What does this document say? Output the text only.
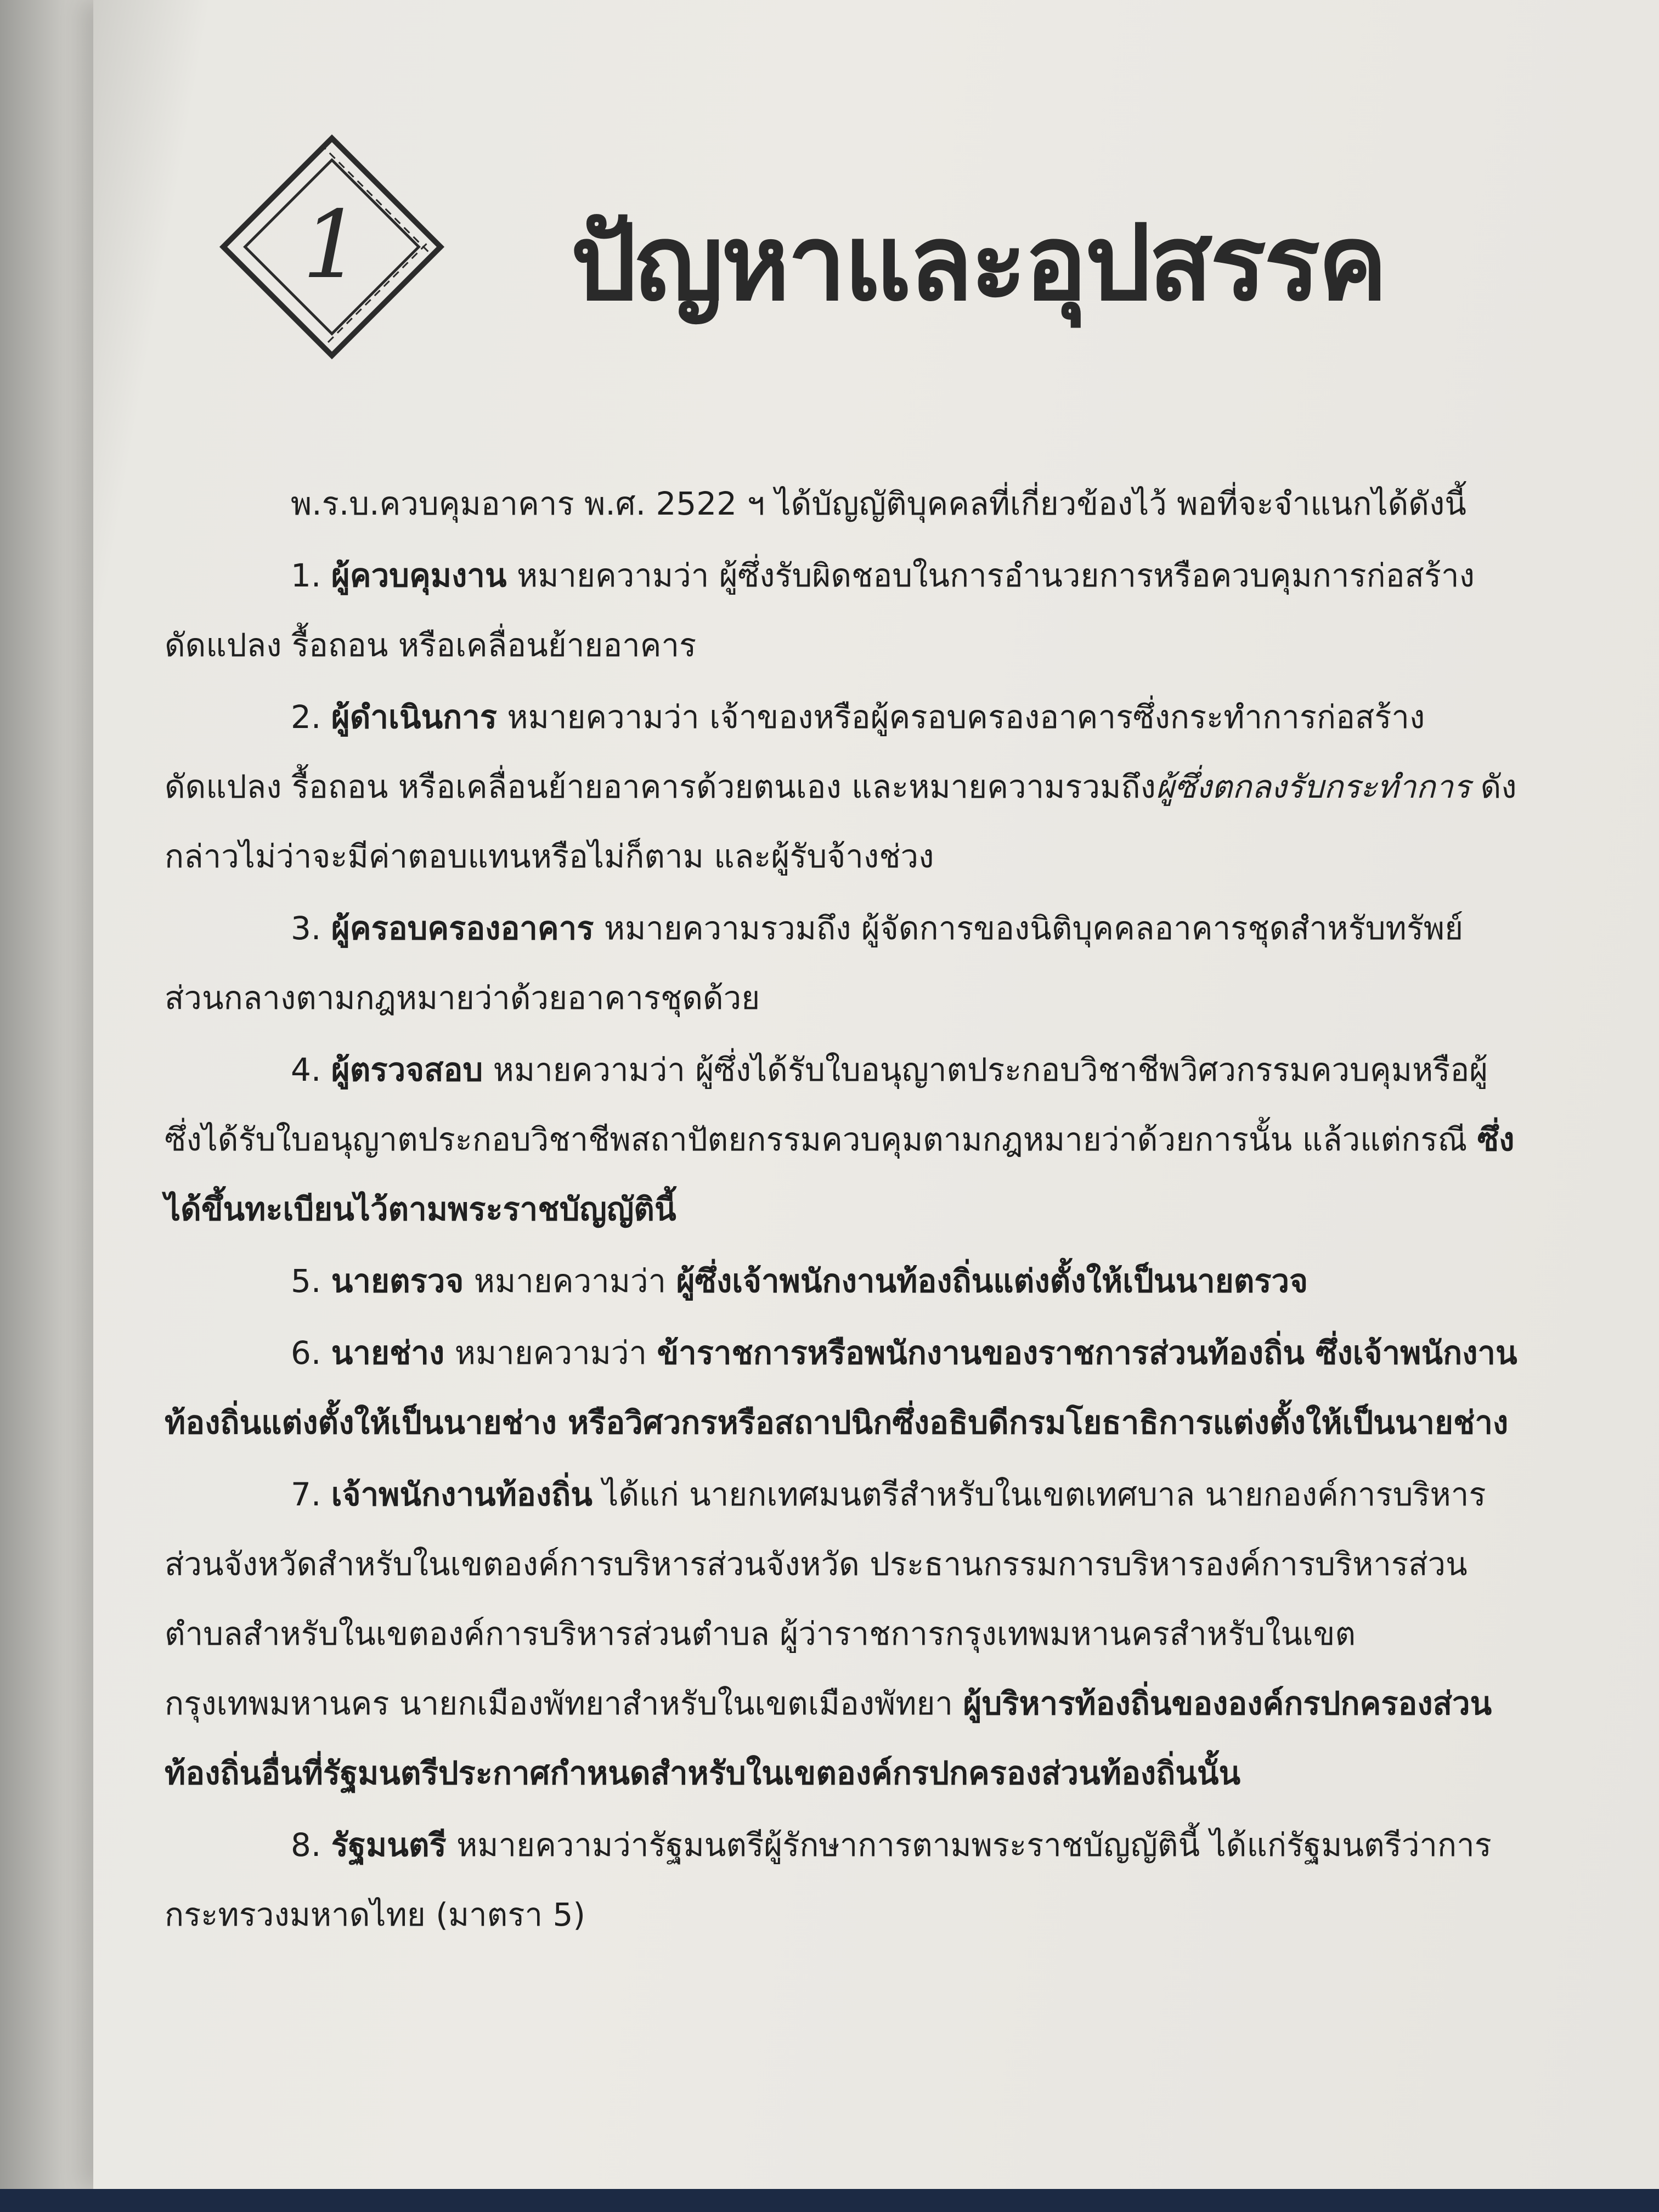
1 ปัญหาและอุปสรรค

พ.ร.บ.ควบคุมอาคาร พ.ศ. 2522 ฯ ได้บัญญัติบุคคลที่เกี่ยวข้องไว้ พอที่จะจำแนกได้ดังนี้

1. ผู้ควบคุมงาน หมายความว่า ผู้ซึ่งรับผิดชอบในการอำนวยการหรือควบคุมการก่อสร้าง ดัดแปลง รื้อถอน หรือเคลื่อนย้ายอาคาร

2. ผู้ดำเนินการ หมายความว่า เจ้าของหรือผู้ครอบครองอาคารซึ่งกระทำการก่อสร้าง ดัดแปลง รื้อถอน หรือเคลื่อนย้ายอาคารด้วยตนเอง และหมายความรวมถึงผู้ซึ่งตกลงรับกระทำการ ดังกล่าวไม่ว่าจะมีค่าตอบแทนหรือไม่ก็ตาม และผู้รับจ้างช่วง

3. ผู้ครอบครองอาคาร หมายความรวมถึง ผู้จัดการของนิติบุคคลอาคารชุดสำหรับทรัพย์ส่วนกลางตามกฎหมายว่าด้วยอาคารชุดด้วย

4. ผู้ตรวจสอบ หมายความว่า ผู้ซึ่งได้รับใบอนุญาตประกอบวิชาชีพวิศวกรรมควบคุมหรือผู้ซึ่งได้รับใบอนุญาตประกอบวิชาชีพสถาปัตยกรรมควบคุมตามกฎหมายว่าด้วยการนั้น แล้วแต่กรณี ซึ่งได้ขึ้นทะเบียนไว้ตามพระราชบัญญัตินี้

5. นายตรวจ หมายความว่า ผู้ซึ่งเจ้าพนักงานท้องถิ่นแต่งตั้งให้เป็นนายตรวจ

6. นายช่าง หมายความว่า ข้าราชการหรือพนักงานของราชการส่วนท้องถิ่น ซึ่งเจ้าพนักงานท้องถิ่นแต่งตั้งให้เป็นนายช่าง หรือวิศวกรหรือสถาปนิกซึ่งอธิบดีกรมโยธาธิการแต่งตั้งให้เป็นนายช่าง

7. เจ้าพนักงานท้องถิ่น ได้แก่ นายกเทศมนตรีสำหรับในเขตเทศบาล นายกองค์การบริหารส่วนจังหวัดสำหรับในเขตองค์การบริหารส่วนจังหวัด ประธานกรรมการบริหารองค์การบริหารส่วนตำบลสำหรับในเขตองค์การบริหารส่วนตำบล ผู้ว่าราชการกรุงเทพมหานครสำหรับในเขตกรุงเทพมหานคร นายกเมืองพัทยาสำหรับในเขตเมืองพัทยา ผู้บริหารท้องถิ่นขององค์กรปกครองส่วนท้องถิ่นอื่นที่รัฐมนตรีประกาศกำหนดสำหรับในเขตองค์กรปกครองส่วนท้องถิ่นนั้น

8. รัฐมนตรี หมายความว่ารัฐมนตรีผู้รักษาการตามพระราชบัญญัตินี้ ได้แก่รัฐมนตรีว่าการกระทรวงมหาดไทย (มาตรา 5)
